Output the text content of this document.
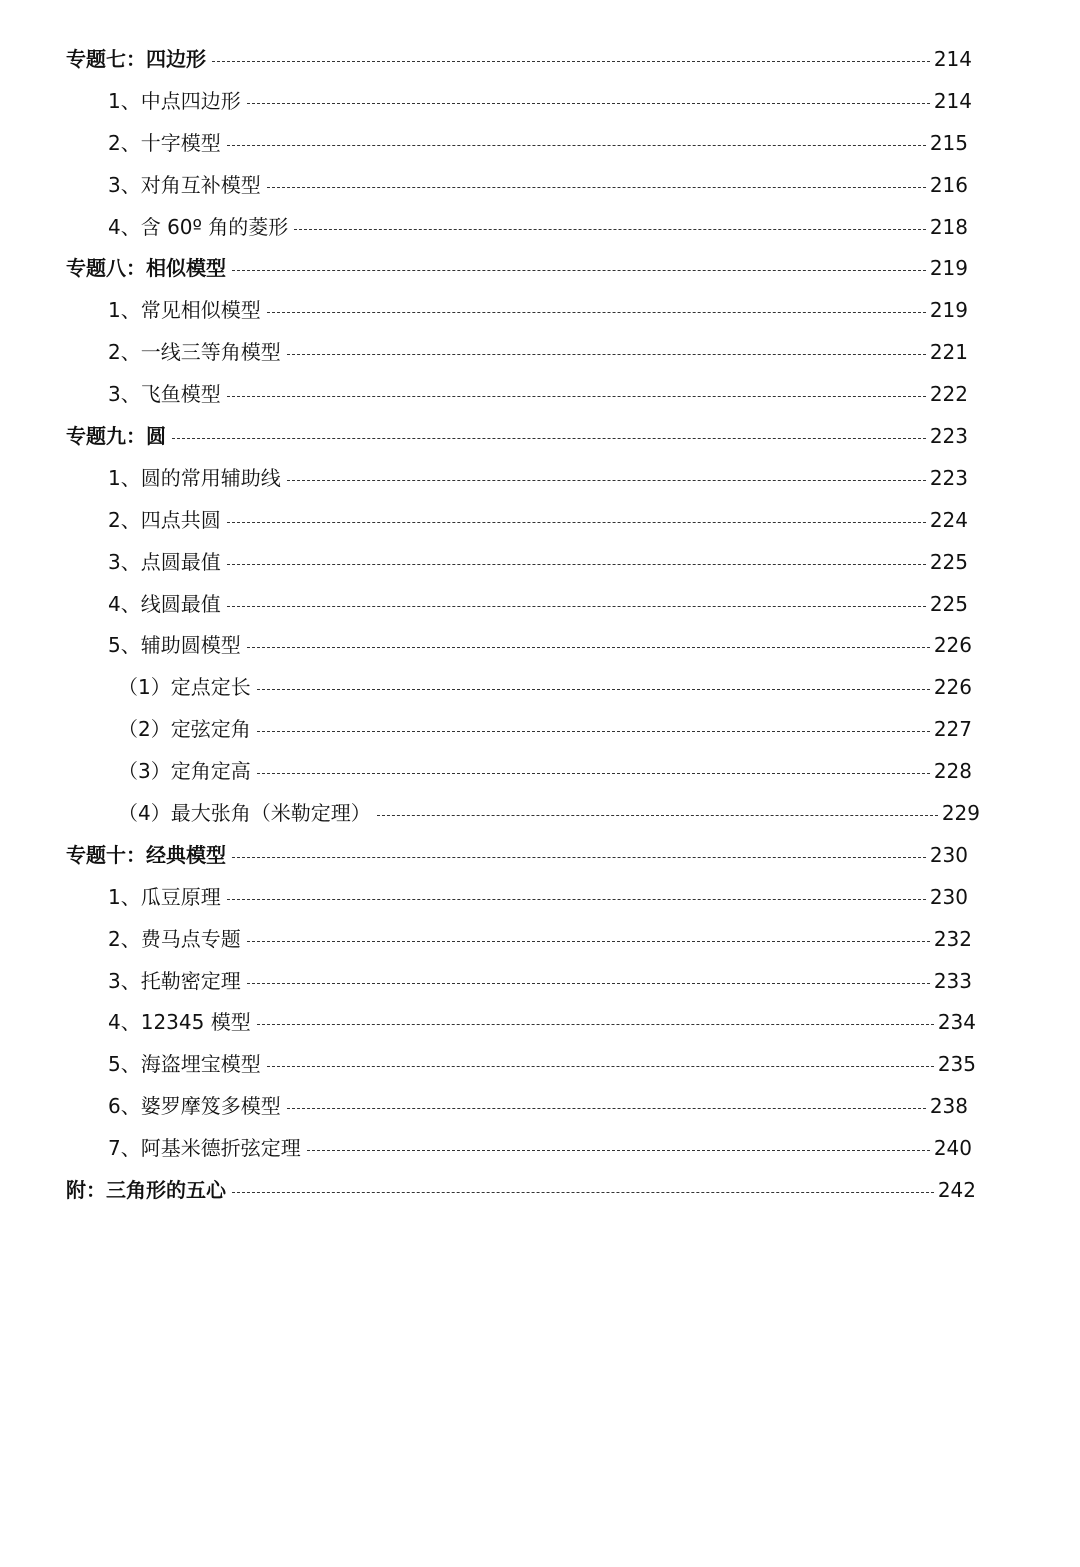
专题七：四边形	214
1、中点四边形	214
2、十字模型	215
3、对角互补模型	216
4、含 60º 角的菱形	218
专题八：相似模型	219
1、常见相似模型	219
2、一线三等角模型	221
3、飞鱼模型	222
专题九：圆	223
1、圆的常用辅助线	223
2、四点共圆	224
3、点圆最值	225
4、线圆最值	225
5、辅助圆模型	226
（1）定点定长	226
（2）定弦定角	227
（3）定角定高	228
（4）最大张角（米勒定理）	229
专题十：经典模型	230
1、瓜豆原理	230
2、费马点专题	232
3、托勒密定理	233
4、12345 模型	234
5、海盗埋宝模型	235
6、婆罗摩笈多模型	238
7、阿基米德折弦定理	240
附：三角形的五心	242
